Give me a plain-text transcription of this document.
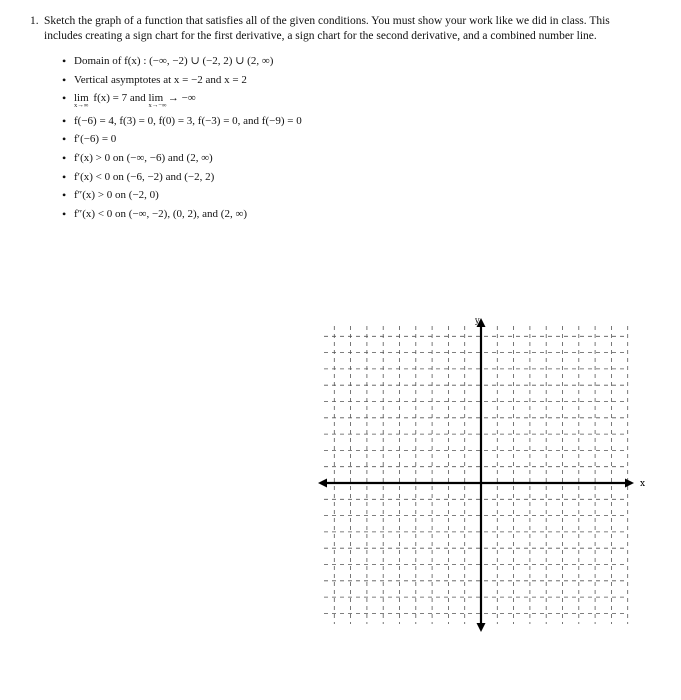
1. Sketch the graph of a function that satisfies all of the given conditions. You must show your work like we did in class. This
includes creating a sign chart for the first derivative, a sign chart for the second derivative, and a combined number line.
• Domain of f(x) : (−∞, −2) ∪ (−2, 2) ∪ (2, ∞)
• Vertical asymptotes at x = −2 and x = 2
• lim
x→∞
f(x) = 7 and lim
x→−∞
→ −∞
• f(−6) = 4, f(3) = 0, f(0) = 3, f(−3) = 0, and f(−9) = 0
• f′(−6) = 0
• f′(x) > 0 on (−∞, −6) and (2, ∞)
• f′(x) < 0 on (−6, −2) and (−2, 2)
• f″(x) > 0 on (−2, 0)
• f″(x) < 0 on (−∞, −2), (0, 2), and (2, ∞)
x
y
